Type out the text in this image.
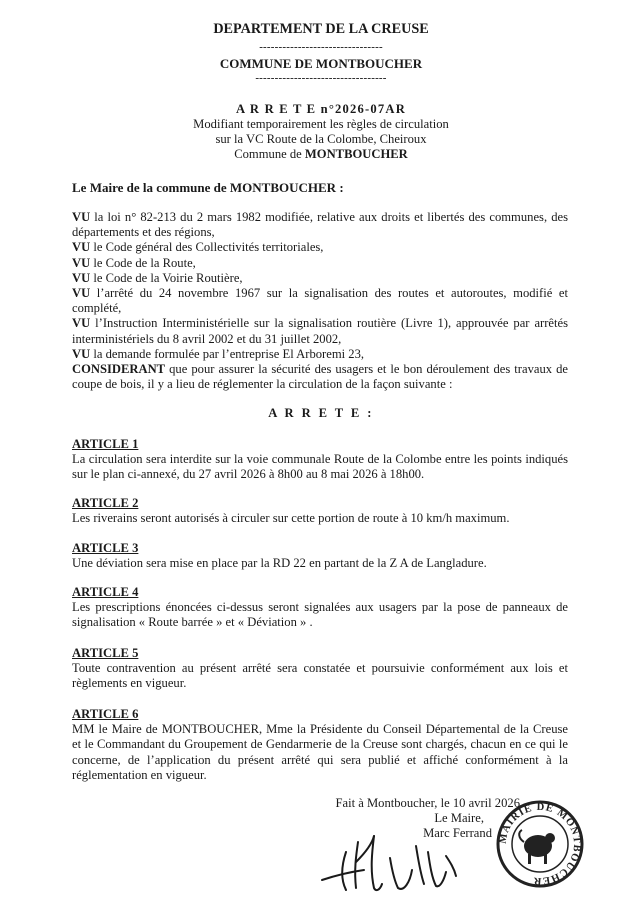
DEPARTEMENT DE LA CREUSE
--------------------------------
COMMUNE DE MONTBOUCHER
----------------------------------
A R R E T E n°2026-07AR
Modifiant temporairement les règles de circulation
sur la VC Route de la Colombe, Cheiroux
Commune de MONTBOUCHER
Le Maire de la commune de MONTBOUCHER :

VU la loi n° 82-213 du 2 mars 1982 modifiée, relative aux droits et libertés des communes, des départements et des régions,

VU le Code général des Collectivités territoriales,

VU le Code de la Route,

VU le Code de la Voirie Routière,

VU l’arrêté du 24 novembre 1967 sur la signalisation des routes et autoroutes, modifié et complété,

VU l’Instruction Interministérielle sur la signalisation routière (Livre 1), approuvée par arrêtés interministériels du 8 avril 2002 et du 31 juillet 2002,

VU la demande formulée par l’entreprise El Arboremi 23,

CONSIDERANT que pour assurer la sécurité des usagers et le bon déroulement des travaux de coupe de bois, il y a lieu de réglementer la circulation de la façon suivante :

A R R E T E :

ARTICLE 1

La circulation sera interdite sur la voie communale Route de la Colombe entre les points indiqués sur le plan ci-annexé, du 27 avril 2026 à 8h00 au 8 mai 2026 à 18h00.

ARTICLE 2

Les riverains seront autorisés à circuler sur cette portion de route à 10 km/h maximum.

ARTICLE 3

Une déviation sera mise en place par la RD 22 en partant de la Z A de Langladure.

ARTICLE 4

Les prescriptions énoncées ci-dessus seront signalées aux usagers par la pose de panneaux de signalisation « Route barrée » et « Déviation » .

ARTICLE 5

Toute contravention au présent arrêté sera constatée et poursuivie conformément aux lois et règlements en vigueur.

ARTICLE 6

MM le Maire de MONTBOUCHER, Mme la Présidente du Conseil Départemental de la Creuse et le Commandant du Groupement de Gendarmerie de la Creuse sont chargés, chacun en ce qui le concerne, de l’application du présent arrêté qui sera publié et affiché conformément à la réglementation en vigueur.

Fait à Montboucher, le 10 avril 2026
Le Maire,
Marc Ferrand MAIRIE DE MONTBOUCHER
